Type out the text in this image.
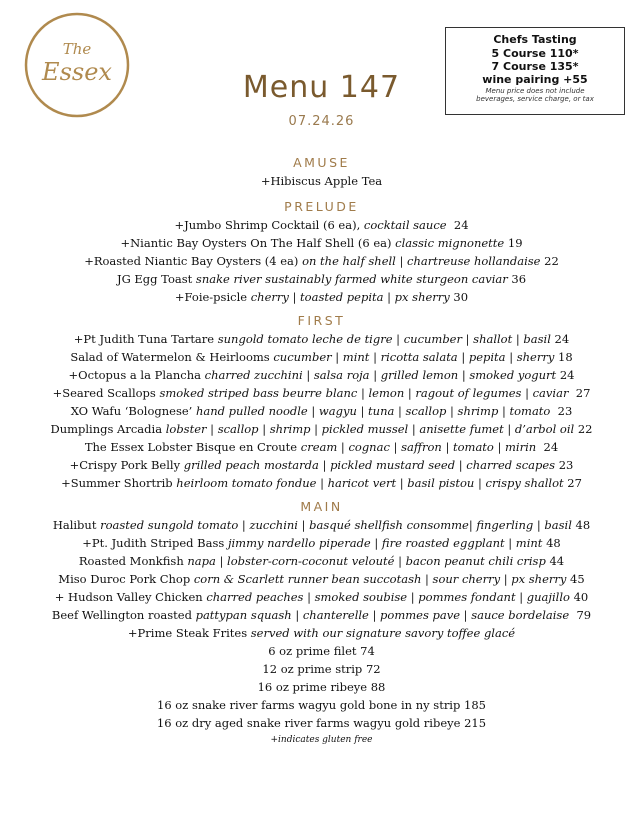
The
Essex
Chefs Tasting
5 Course 110*
7 Course 135*
wine pairing +55
Menu price does not include
beverages, service charge, or tax
Menu 147
07.24.26
AMUSE
+Hibiscus Apple Tea
PRELUDE
+Jumbo Shrimp Cocktail (6 ea), cocktail sauce  24
+Niantic Bay Oysters On The Half Shell (6 ea) classic mignonette 19
+Roasted Niantic Bay Oysters (4 ea) on the half shell | chartreuse hollandaise 22
JG Egg Toast snake river sustainably farmed white sturgeon caviar 36
+Foie-psicle cherry | toasted pepita | px sherry 30
FIRST
+Pt Judith Tuna Tartare sungold tomato leche de tigre | cucumber | shallot | basil 24
Salad of Watermelon & Heirlooms cucumber | mint | ricotta salata | pepita | sherry 18
+Octopus a la Plancha charred zucchini | salsa roja | grilled lemon | smoked yogurt 24
+Seared Scallops smoked striped bass beurre blanc | lemon | ragout of legumes | caviar  27
XO Wafu ‘Bolognese’ hand pulled noodle | wagyu | tuna | scallop | shrimp | tomato  23
Dumplings Arcadia lobster | scallop | shrimp | pickled mussel | anisette fumet | d’arbol oil 22
The Essex Lobster Bisque en Croute cream | cognac | saffron | tomato | mirin  24
+Crispy Pork Belly grilled peach mostarda | pickled mustard seed | charred scapes 23
+Summer Shortrib heirloom tomato fondue | haricot vert | basil pistou | crispy shallot 27
MAIN
Halibut roasted sungold tomato | zucchini | basqué shellfish consomme| fingerling | basil 48
+Pt. Judith Striped Bass jimmy nardello piperade | fire roasted eggplant | mint 48
Roasted Monkfish napa | lobster-corn-coconut velouté | bacon peanut chili crisp 44
Miso Duroc Pork Chop corn & Scarlett runner bean succotash | sour cherry | px sherry 45
+ Hudson Valley Chicken charred peaches | smoked soubise | pommes fondant | guajillo 40
Beef Wellington roasted pattypan squash | chanterelle | pommes pave | sauce bordelaise  79
+Prime Steak Frites served with our signature savory toffee glacé
6 oz prime filet 74
12 oz prime strip 72
16 oz prime ribeye 88
16 oz snake river farms wagyu gold bone in ny strip 185
16 oz dry aged snake river farms wagyu gold ribeye 215
+indicates gluten free
